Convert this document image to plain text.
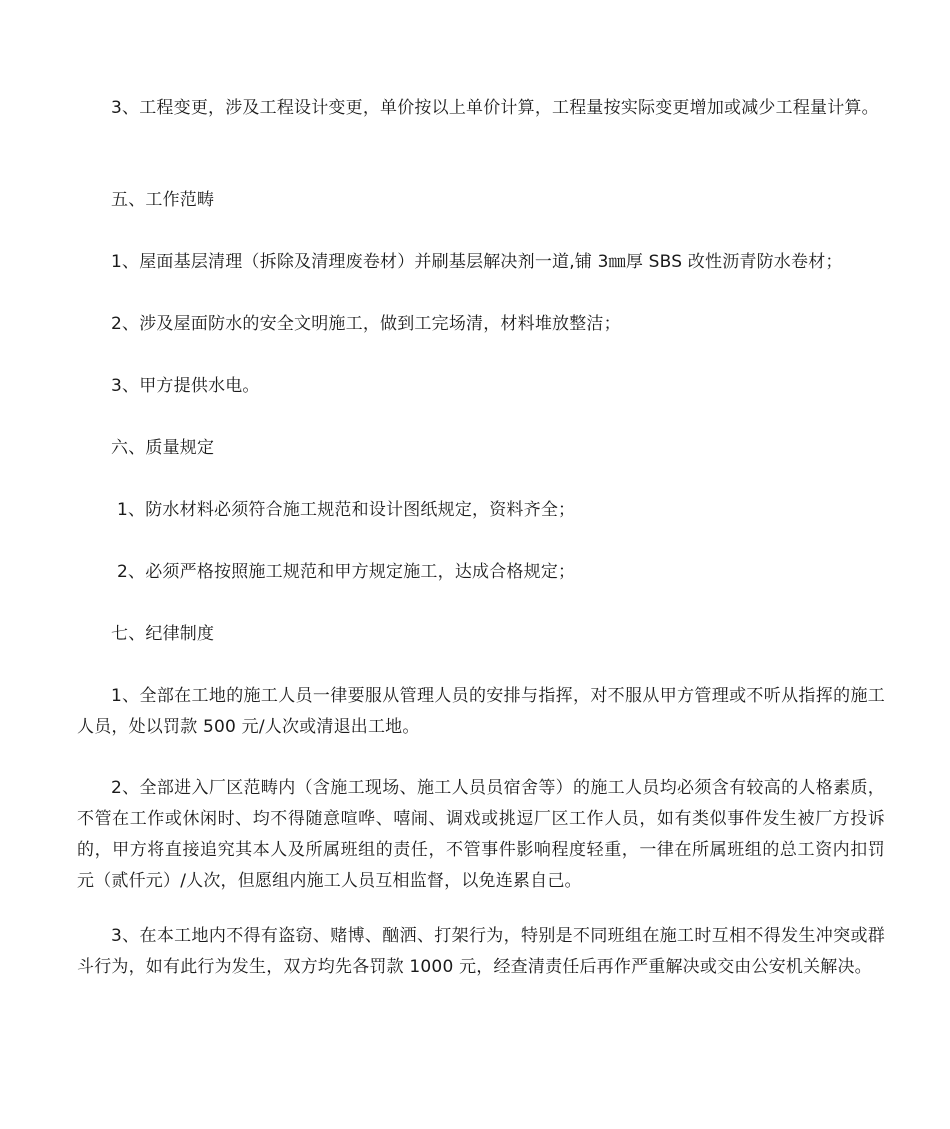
3、工程变更，涉及工程设计变更，单价按以上单价计算，工程量按实际变更增加或减少工程量计算。

五、工作范畴

1、屋面基层清理（拆除及清理废卷材）并刷基层解决剂一道,铺 3㎜厚 SBS 改性沥青防水卷材；

2、涉及屋面防水的安全文明施工，做到工完场清，材料堆放整洁；

3、甲方提供水电。

六、质量规定

1、防水材料必须符合施工规范和设计图纸规定，资料齐全；

2、必须严格按照施工规范和甲方规定施工，达成合格规定；

七、纪律制度

1、全部在工地的施工人员一律要服从管理人员的安排与指挥，对不服从甲方管理或不听从指挥的施工人员，处以罚款 500 元/人次或清退出工地。

2、全部进入厂区范畴内（含施工现场、施工人员员宿舍等）的施工人员均必须含有较高的人格素质，不管在工作或休闲时、均不得随意喧哗、嘻闹、调戏或挑逗厂区工作人员，如有类似事件发生被厂方投诉的，甲方将直接追究其本人及所属班组的责任，不管事件影响程度轻重，一律在所属班组的总工资内扣罚元（贰仟元）/人次，但愿组内施工人员互相监督，以免连累自己。

3、在本工地内不得有盗窃、赌博、酗洒、打架行为，特别是不同班组在施工时互相不得发生冲突或群斗行为，如有此行为发生，双方均先各罚款 1000 元，经查清责任后再作严重解决或交由公安机关解决。
